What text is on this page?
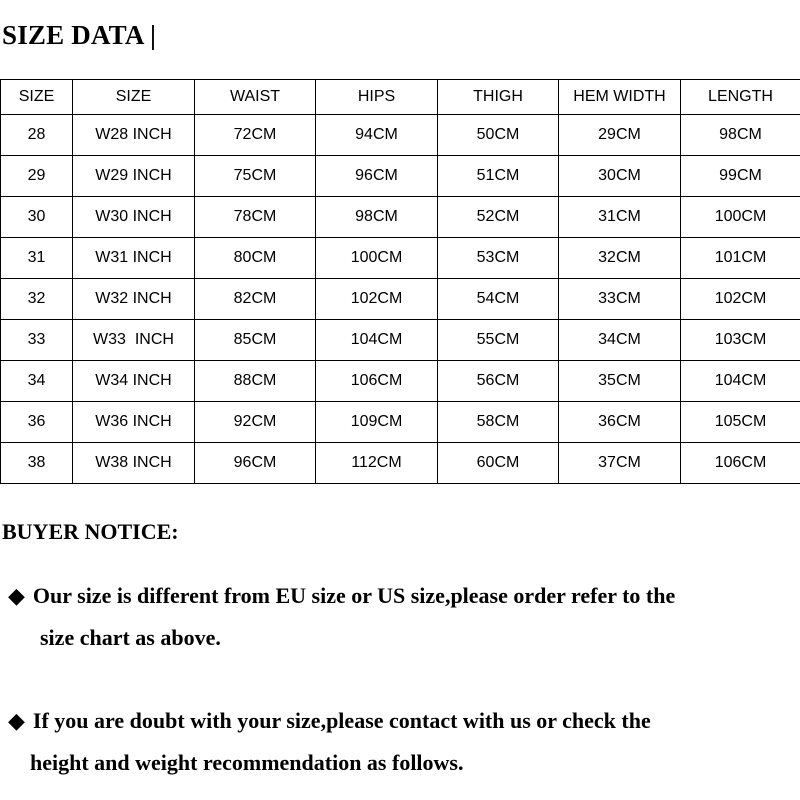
SIZE DATA |
SIZE	SIZE	WAIST	HIPS	THIGH	HEM WIDTH	LENGTH
28	W28 INCH	72CM	94CM	50CM	29CM	98CM
29	W29 INCH	75CM	96CM	51CM	30CM	99CM
30	W30 INCH	78CM	98CM	52CM	31CM	100CM
31	W31 INCH	80CM	100CM	53CM	32CM	101CM
32	W32 INCH	82CM	102CM	54CM	33CM	102CM
33	W33  INCH	85CM	104CM	55CM	34CM	103CM
34	W34 INCH	88CM	106CM	56CM	35CM	104CM
36	W36 INCH	92CM	109CM	58CM	36CM	105CM
38	W38 INCH	96CM	112CM	60CM	37CM	106CM
BUYER NOTICE:
◆ Our size is different from EU size or US size,please order refer to the
size chart as above.
◆ If you are doubt with your size,please contact with us or check the
height and weight recommendation as follows.
